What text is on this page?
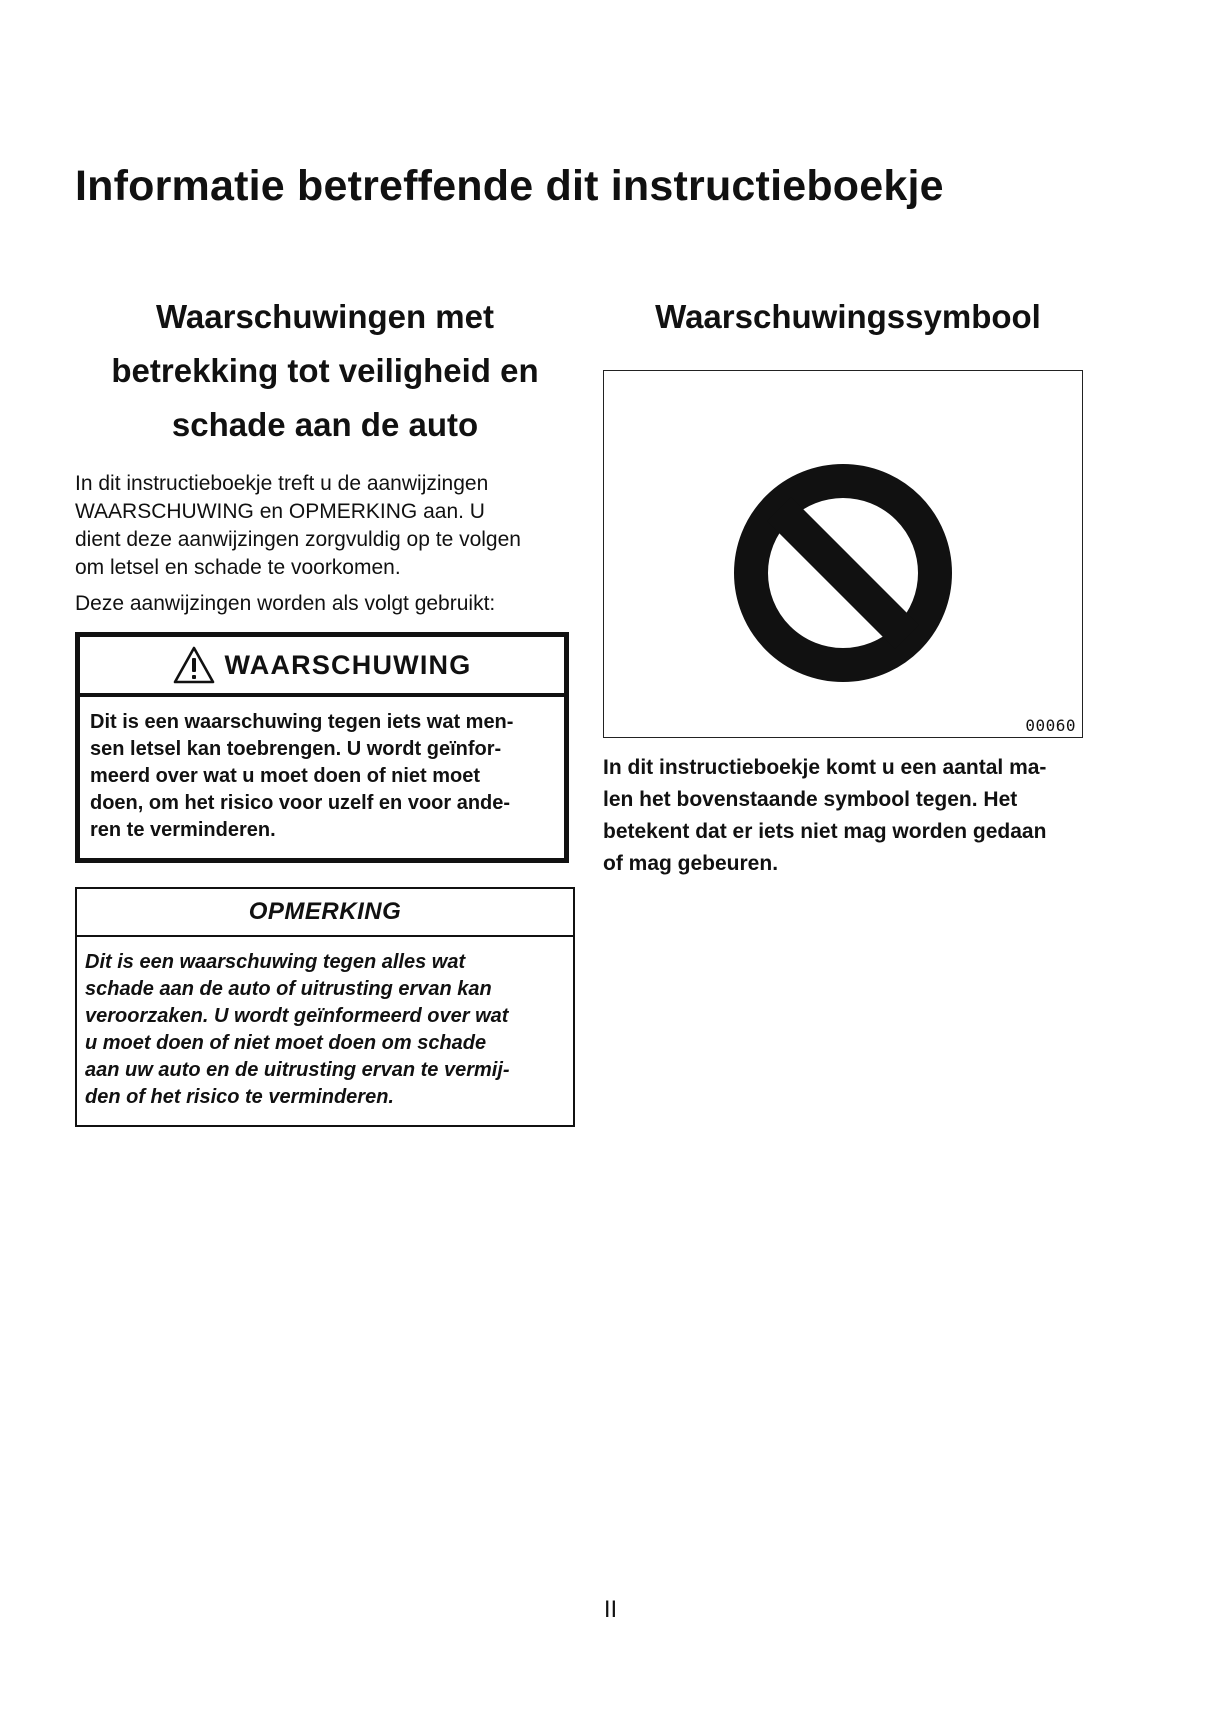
Informatie betreffende dit instructieboekje
Waarschuwingen met
betrekking tot veiligheid en
schade aan de auto

In dit instructieboekje treft u de aanwijzingen
WAARSCHUWING en OPMERKING aan. U
dient deze aanwijzingen zorgvuldig op te volgen
om letsel en schade te voorkomen.

Deze aanwijzingen worden als volgt gebruikt:

WAARSCHUWING
Dit is een waarschuwing tegen iets wat men-
sen letsel kan toebrengen. U wordt geïnfor-
meerd over wat u moet doen of niet moet
doen, om het risico voor uzelf en voor ande-
ren te verminderen.
OPMERKING
Dit is een waarschuwing tegen alles wat
schade aan de auto of uitrusting ervan kan
veroorzaken. U wordt geïnformeerd over wat
u moet doen of niet moet doen om schade
aan uw auto en de uitrusting ervan te vermij-
den of het risico te verminderen.
Waarschuwingssymbool
00060

In dit instructieboekje komt u een aantal ma-
len het bovenstaande symbool tegen. Het
betekent dat er iets niet mag worden gedaan
of mag gebeuren.

II
